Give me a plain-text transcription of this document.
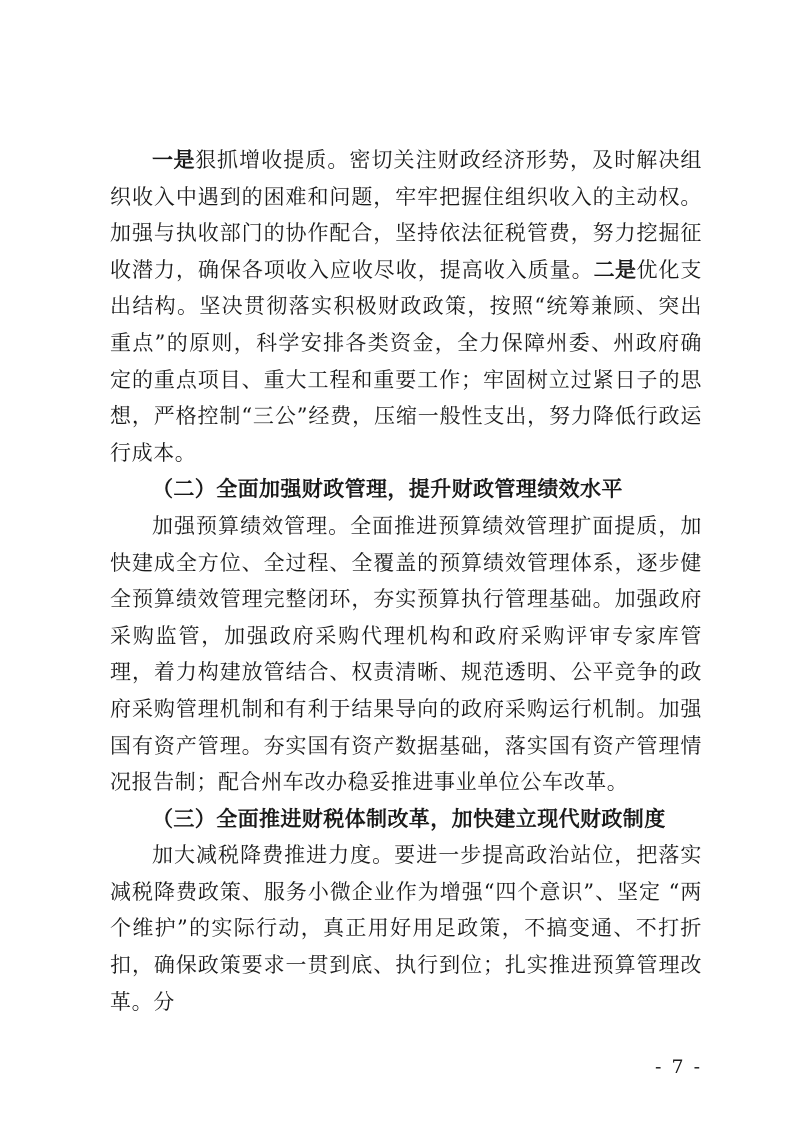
一是狠抓增收提质。密切关注财政经济形势，及时解决组织收入中遇到的困难和问题，牢牢把握住组织收入的主动权。加强与执收部门的协作配合，坚持依法征税管费，努力挖掘征收潜力，确保各项收入应收尽收，提高收入质量。二是优化支出结构。坚决贯彻落实积极财政政策，按照“统筹兼顾、突出重点”的原则，科学安排各类资金，全力保障州委、州政府确定的重点项目、重大工程和重要工作；牢固树立过紧日子的思想，严格控制“三公”经费，压缩一般性支出，努力降低行政运行成本。

（二）全面加强财政管理，提升财政管理绩效水平

加强预算绩效管理。全面推进预算绩效管理扩面提质，加快建成全方位、全过程、全覆盖的预算绩效管理体系，逐步健全预算绩效管理完整闭环，夯实预算执行管理基础。加强政府采购监管，加强政府采购代理机构和政府采购评审专家库管理，着力构建放管结合、权责清晰、规范透明、公平竞争的政府采购管理机制和有利于结果导向的政府采购运行机制。加强国有资产管理。夯实国有资产数据基础，落实国有资产管理情况报告制；配合州车改办稳妥推进事业单位公车改革。

（三）全面推进财税体制改革，加快建立现代财政制度

加大减税降费推进力度。要进一步提高政治站位，把落实减税降费政策、服务小微企业作为增强“四个意识”、坚定 “两个维护”的实际行动，真正用好用足政策，不搞变通、不打折扣，确保政策要求一贯到底、执行到位；扎实推进预算管理改革。分

- 7 -
